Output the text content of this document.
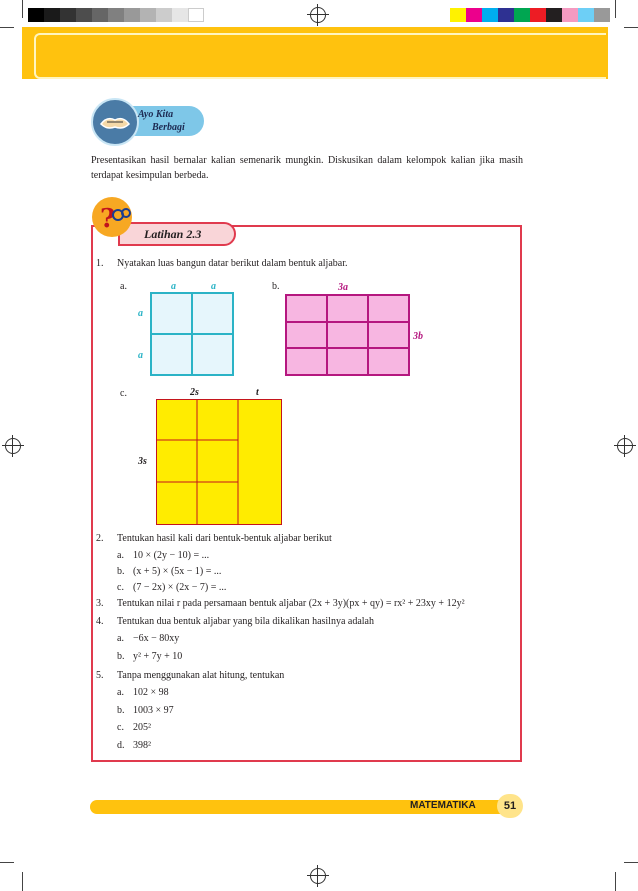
Ayo Kita
Berbagi
Presentasikan hasil bernalar kalian semenarik mungkin. Diskusikan dalam kelompok kalian jika masih terdapat kesimpulan berbeda.
? Latihan 2.3
1. Nyatakan luas bangun datar berikut dalam bentuk aljabar.
a.	a	a
a
a
b.	3a
3b
c.	2s	t
3s
2. Tentukan hasil kali dari bentuk-bentuk aljabar berikut
a. 10 × (2y − 10) = ...
b. (x + 5) × (5x − 1) = ...
c. (7 − 2x) × (2x − 7) = ...
3. Tentukan nilai r pada persamaan bentuk aljabar (2x + 3y)(px + qy) = rx² + 23xy + 12y²
4. Tentukan dua bentuk aljabar yang bila dikalikan hasilnya adalah
a. −6x − 80xy
b. y² + 7y + 10
5. Tanpa menggunakan alat hitung, tentukan
a. 102 × 98
b. 1003 × 97
c. 205²
d. 398²
MATEMATIKA	51
